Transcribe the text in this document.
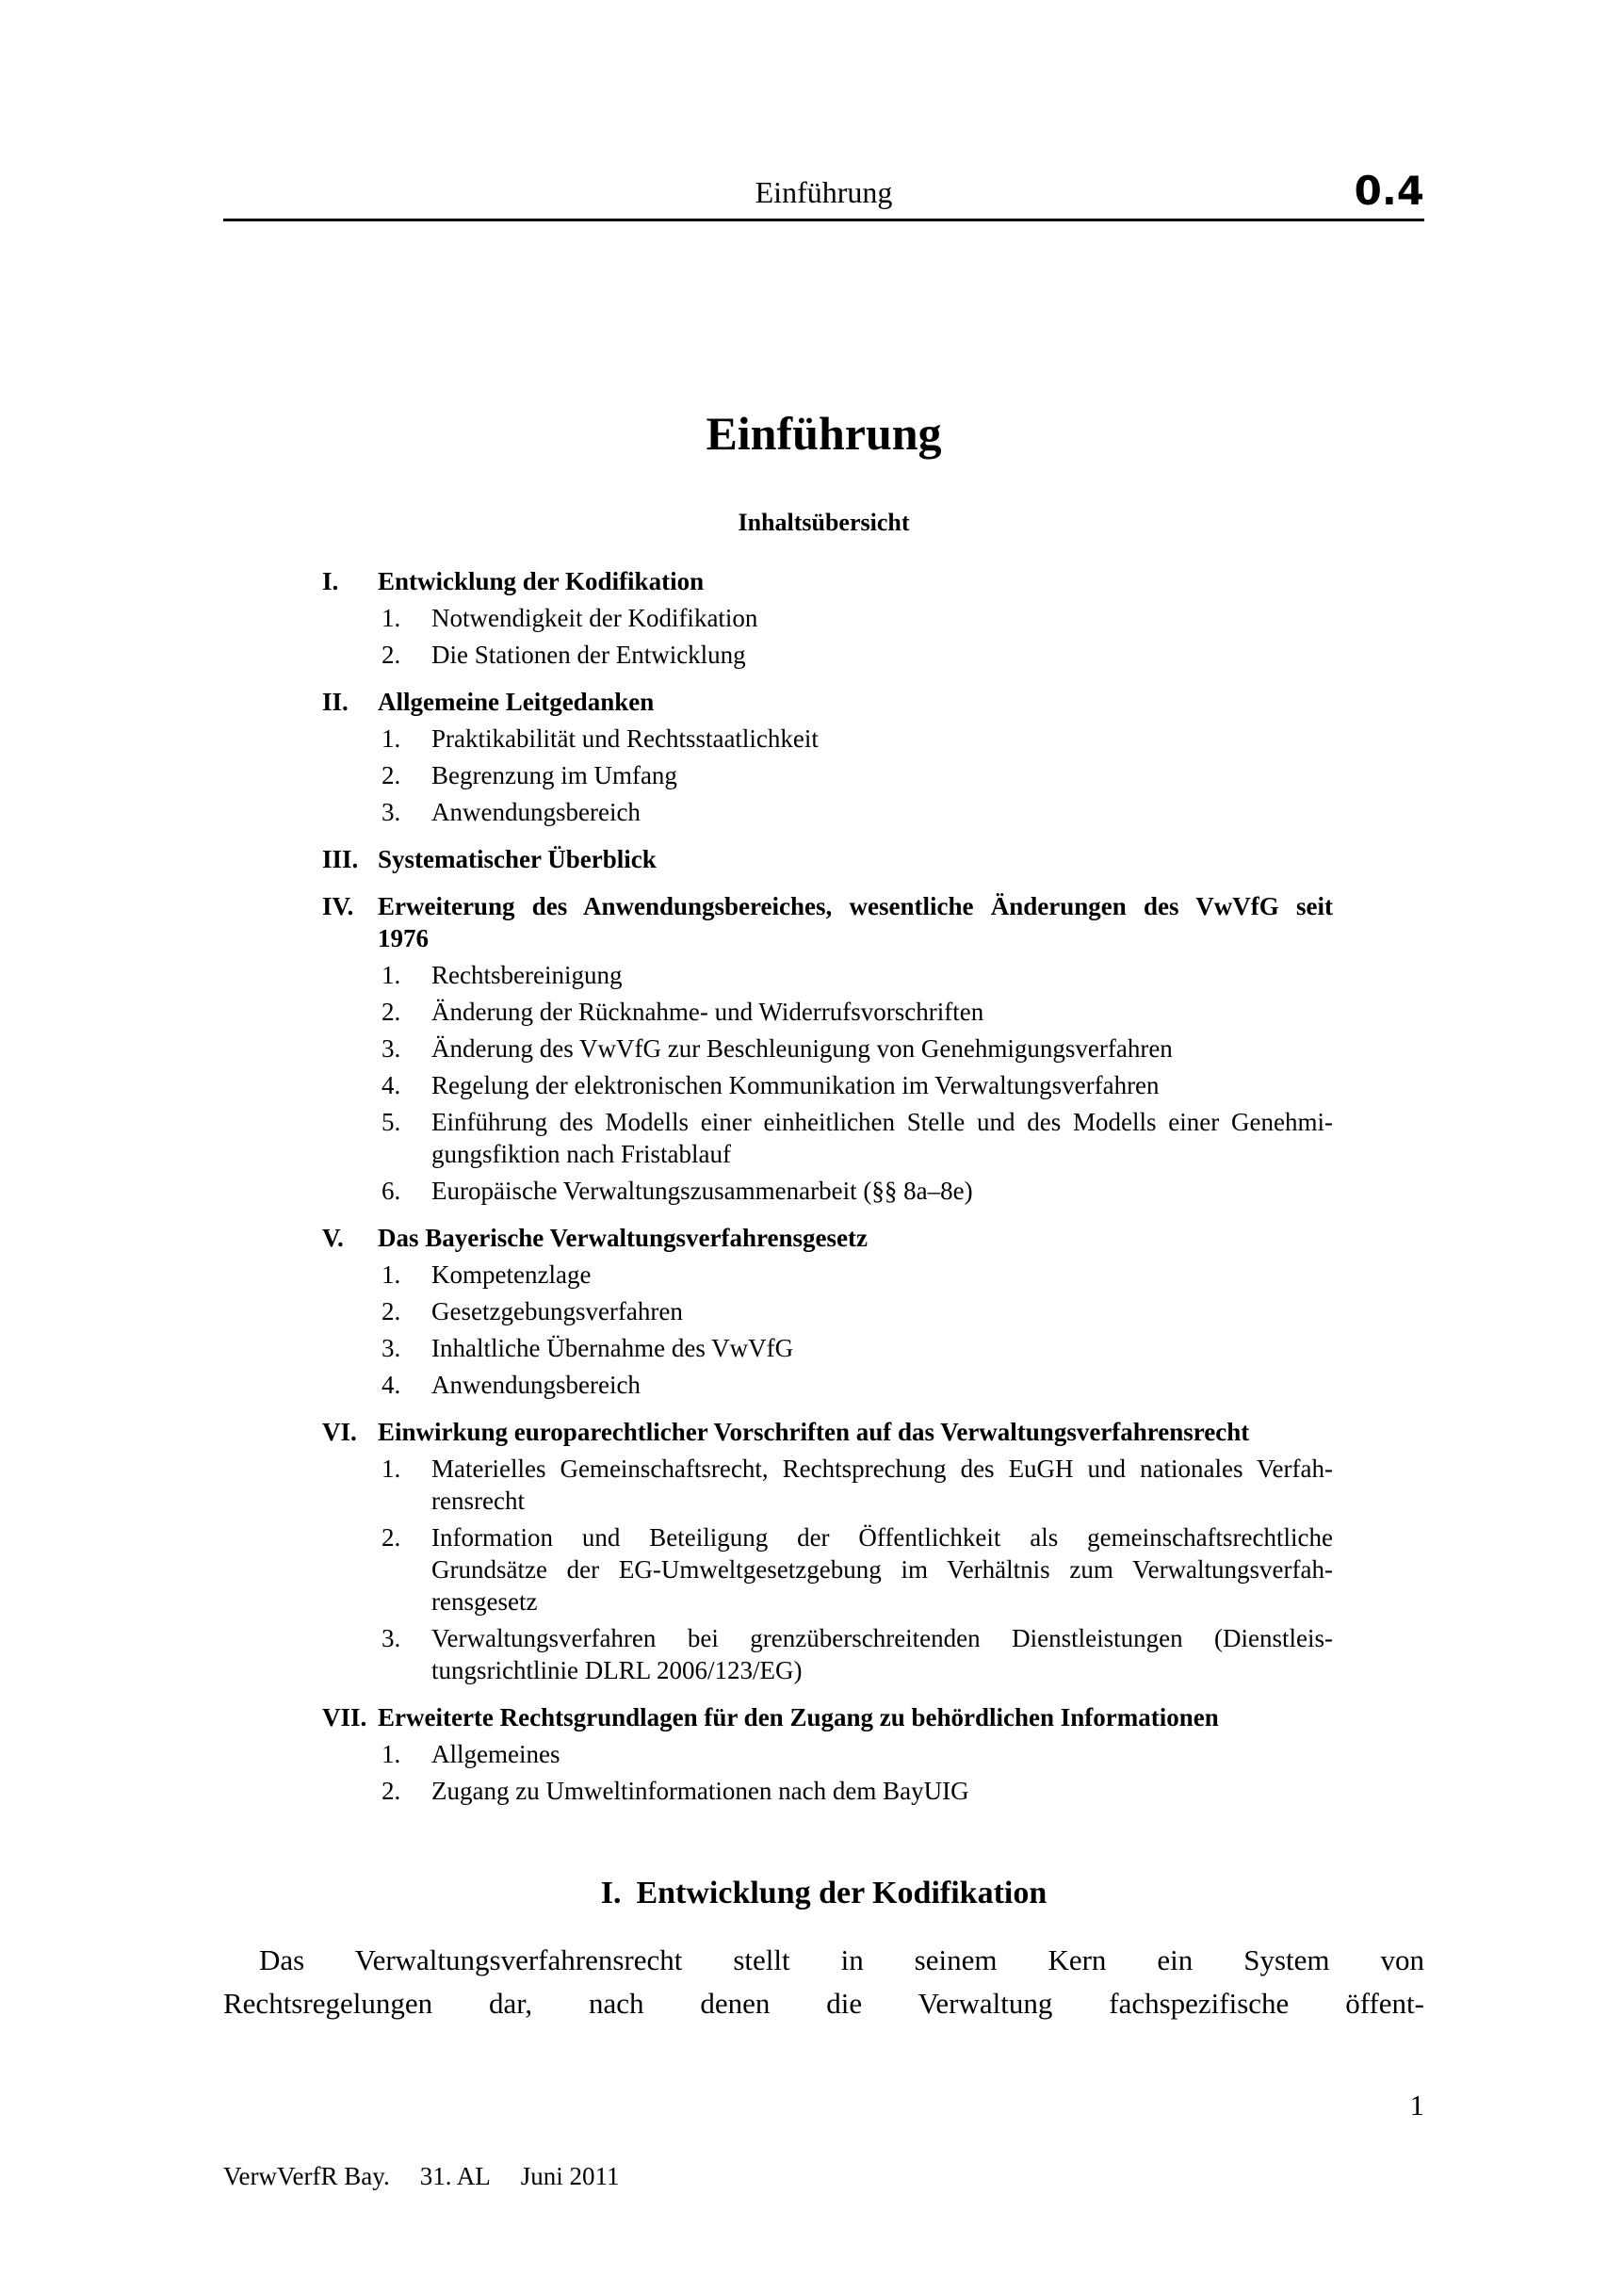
Einführung	0.4
Einführung
Inhaltsübersicht
I.	Entwicklung der Kodifikation
1.	Notwendigkeit der Kodifikation
2.	Die Stationen der Entwicklung
II.	Allgemeine Leitgedanken
1.	Praktikabilität und Rechtsstaatlichkeit
2.	Begrenzung im Umfang
3.	Anwendungsbereich
III. Systematischer Überblick
IV. Erweiterung des Anwendungsbereiches, wesentliche Änderungen des VwVfG seit
1976
1.	Rechtsbereinigung
2.	Änderung der Rücknahme- und Widerrufsvorschriften
3.	Änderung des VwVfG zur Beschleunigung von Genehmigungsverfahren
4.	Regelung der elektronischen Kommunikation im Verwaltungsverfahren
5.	Einführung des Modells einer einheitlichen Stelle und des Modells einer Genehmi-
gungsfiktion nach Fristablauf
6.	Europäische Verwaltungszusammenarbeit (§§ 8a–8e)
V.	Das Bayerische Verwaltungsverfahrensgesetz
1.	Kompetenzlage
2.	Gesetzgebungsverfahren
3.	Inhaltliche Übernahme des VwVfG
4.	Anwendungsbereich
VI. Einwirkung europarechtlicher Vorschriften auf das Verwaltungsverfahrensrecht
1.	Materielles Gemeinschaftsrecht, Rechtsprechung des EuGH und nationales Verfah-
rensrecht
2.	Information und Beteiligung der Öffentlichkeit als gemeinschaftsrechtliche
Grundsätze der EG-Umweltgesetzgebung im Verhältnis zum Verwaltungsverfah-
rensgesetz
3.	Verwaltungsverfahren bei grenzüberschreitenden Dienstleistungen (Dienstleis-
tungsrichtlinie DLRL 2006/123/EG)
VII. Erweiterte Rechtsgrundlagen für den Zugang zu behördlichen Informationen
1.	Allgemeines
2.	Zugang zu Umweltinformationen nach dem BayUIG
I. Entwicklung der Kodifikation
Das Verwaltungsverfahrensrecht stellt in seinem Kern ein System von
Rechtsregelungen dar, nach denen die Verwaltung fachspezifische öffent-
1
VerwVerfR Bay. 31. AL Juni 2011
